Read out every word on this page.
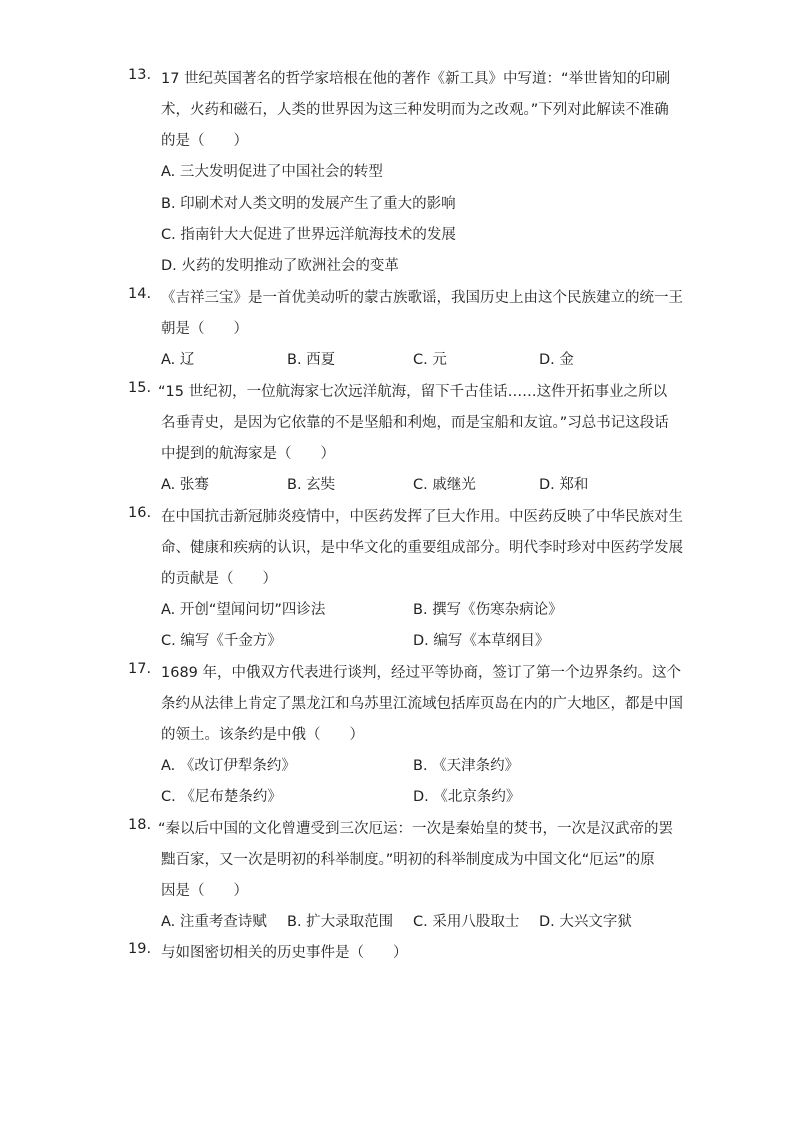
13. 17 世纪英国著名的哲学家培根在他的著作《新工具》中写道：“举世皆知的印刷
术，火药和磁石，人类的世界因为这三种发明而为之改观。”下列对此解读不准确
的是（　　）
A. 三大发明促进了中国社会的转型
B. 印刷术对人类文明的发展产生了重大的影响
C. 指南针大大促进了世界远洋航海技术的发展
D. 火药的发明推动了欧洲社会的变革
14. 《吉祥三宝》是一首优美动听的蒙古族歌谣，我国历史上由这个民族建立的统一王
朝是（　　）
A. 辽	B. 西夏	C. 元	D. 金
15. “15 世纪初，一位航海家七次远洋航海，留下千古佳话……这件开拓事业之所以
名垂青史，是因为它依靠的不是坚船和利炮，而是宝船和友谊。”习总书记这段话
中提到的航海家是（　　）
A. 张骞	B. 玄奘	C. 戚继光	D. 郑和
16. 在中国抗击新冠肺炎疫情中，中医药发挥了巨大作用。中医药反映了中华民族对生
命、健康和疾病的认识，是中华文化的重要组成部分。明代李时珍对中医药学发展
的贡献是（　　）
A. 开创“望闻问切”四诊法	B. 撰写《伤寒杂病论》
C. 编写《千金方》	D. 编写《本草纲目》
17. 1689 年，中俄双方代表进行谈判，经过平等协商，签订了第一个边界条约。这个
条约从法律上肯定了黑龙江和乌苏里江流域包括库页岛在内的广大地区，都是中国
的领土。该条约是中俄（　　）
A. 《改订伊犁条约》	B. 《天津条约》
C. 《尼布楚条约》	D. 《北京条约》
18. “秦以后中国的文化曾遭受到三次厄运：一次是秦始皇的焚书，一次是汉武帝的罢
黜百家，又一次是明初的科举制度。”明初的科举制度成为中国文化“厄运”的原
因是（　　）
A. 注重考查诗赋 B. 扩大录取范围 C. 采用八股取士 D. 大兴文字狱
19. 与如图密切相关的历史事件是（　　）
